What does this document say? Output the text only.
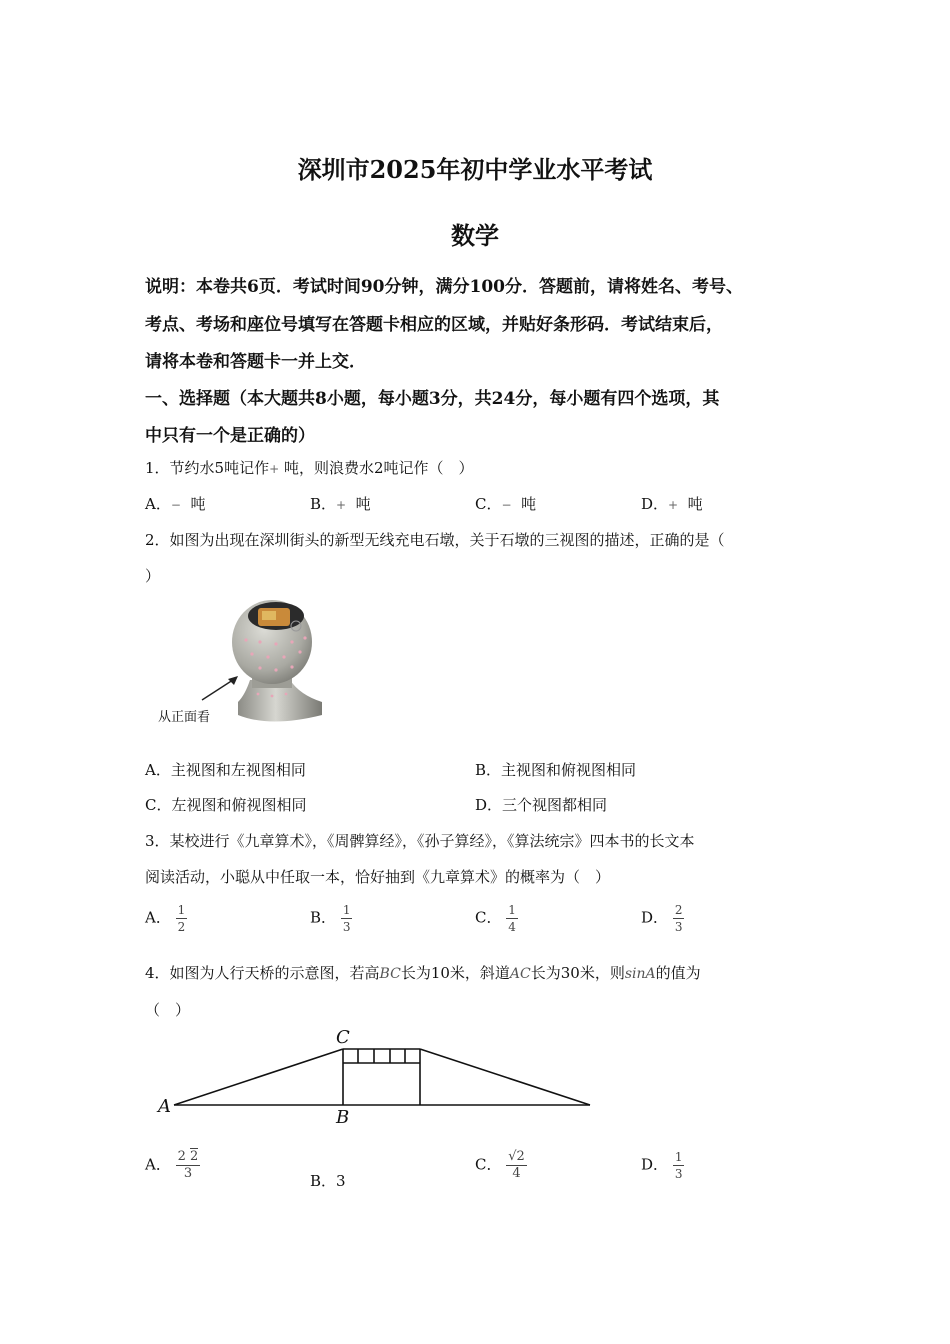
深圳市2025年初中学业水平考试
数学
说明：本卷共6页．考试时间90分钟，满分100分．答题前，请将姓名、考号、
考点、考场和座位号填写在答题卡相应的区域，并贴好条形码．考试结束后，
请将本卷和答题卡一并上交．
一、选择题（本大题共8小题，每小题3分，共24分，每小题有四个选项，其
中只有一个是正确的）
1．节约水5吨记作+ 吨，则浪费水2吨记作（　）
A．− 吨	B．+ 吨	C．− 吨	D．+ 吨
2．如图为出现在深圳街头的新型无线充电石墩，关于石墩的三视图的描述，正确的是（
）
从正面看
A．主视图和左视图相同	B．主视图和俯视图相同
C．左视图和俯视图相同	D．三个视图都相同
3．某校进行《九章算术》，《周髀算经》，《孙子算经》，《算法统宗》四本书的长文本
阅读活动，小聪从中任取一本，恰好抽到《九章算术》的概率为（　）
A． $\frac{1}{2}$	B． $\frac{1}{3}$	C． $\frac{1}{4}$	D． $\frac{2}{3}$
4．如图为人行天桥的示意图，若高BC长为10米，斜道AC长为30米，则sinA的值为
（　）
A
B
C
A． $\frac{2 2}{3}$	B．3
C． $\frac{√2}{4}$	D． $\frac{1}{3}$
